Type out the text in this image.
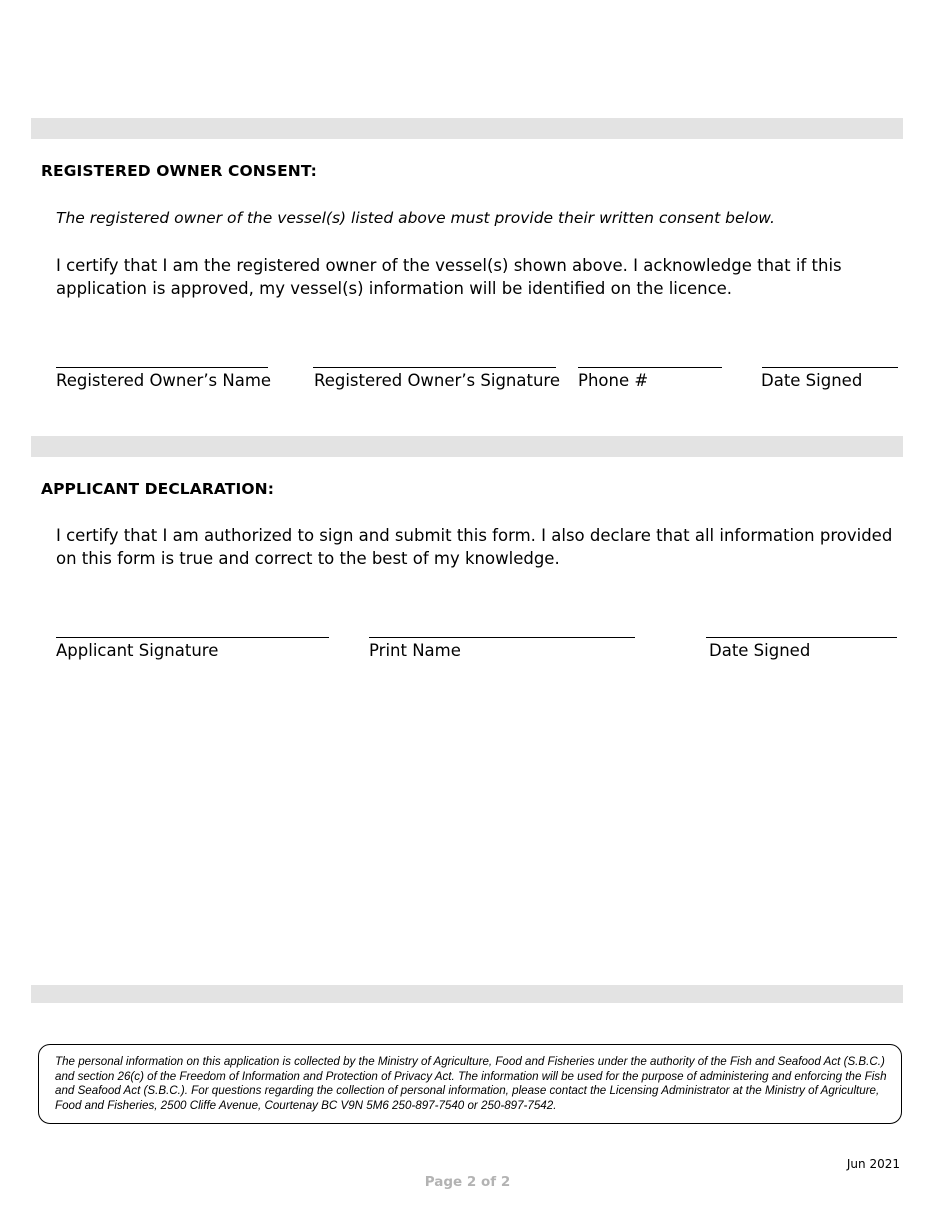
REGISTERED OWNER CONSENT:
The registered owner of the vessel(s) listed above must provide their written consent below.
I certify that I am the registered owner of the vessel(s) shown above. I acknowledge that if this application is approved, my vessel(s) information will be identified on the licence.
Registered Owner’s Name	Registered Owner’s Signature Phone #	Date Signed
APPLICANT DECLARATION:
I certify that I am authorized to sign and submit this form. I also declare that all information provided on this form is true and correct to the best of my knowledge.
Applicant Signature	Print Name	Date Signed
The personal information on this application is collected by the Ministry of Agriculture, Food and Fisheries under the authority of the Fish and Seafood Act (S.B.C.) and section 26(c) of the Freedom of Information and Protection of Privacy Act. The information will be used for the purpose of administering and enforcing the Fish and Seafood Act (S.B.C.). For questions regarding the collection of personal information, please contact the Licensing Administrator at the Ministry of Agriculture, Food and Fisheries, 2500 Cliffe Avenue, Courtenay BC V9N 5M6 250-897-7540 or 250-897-7542.
Jun 2021
Page 2 of 2
